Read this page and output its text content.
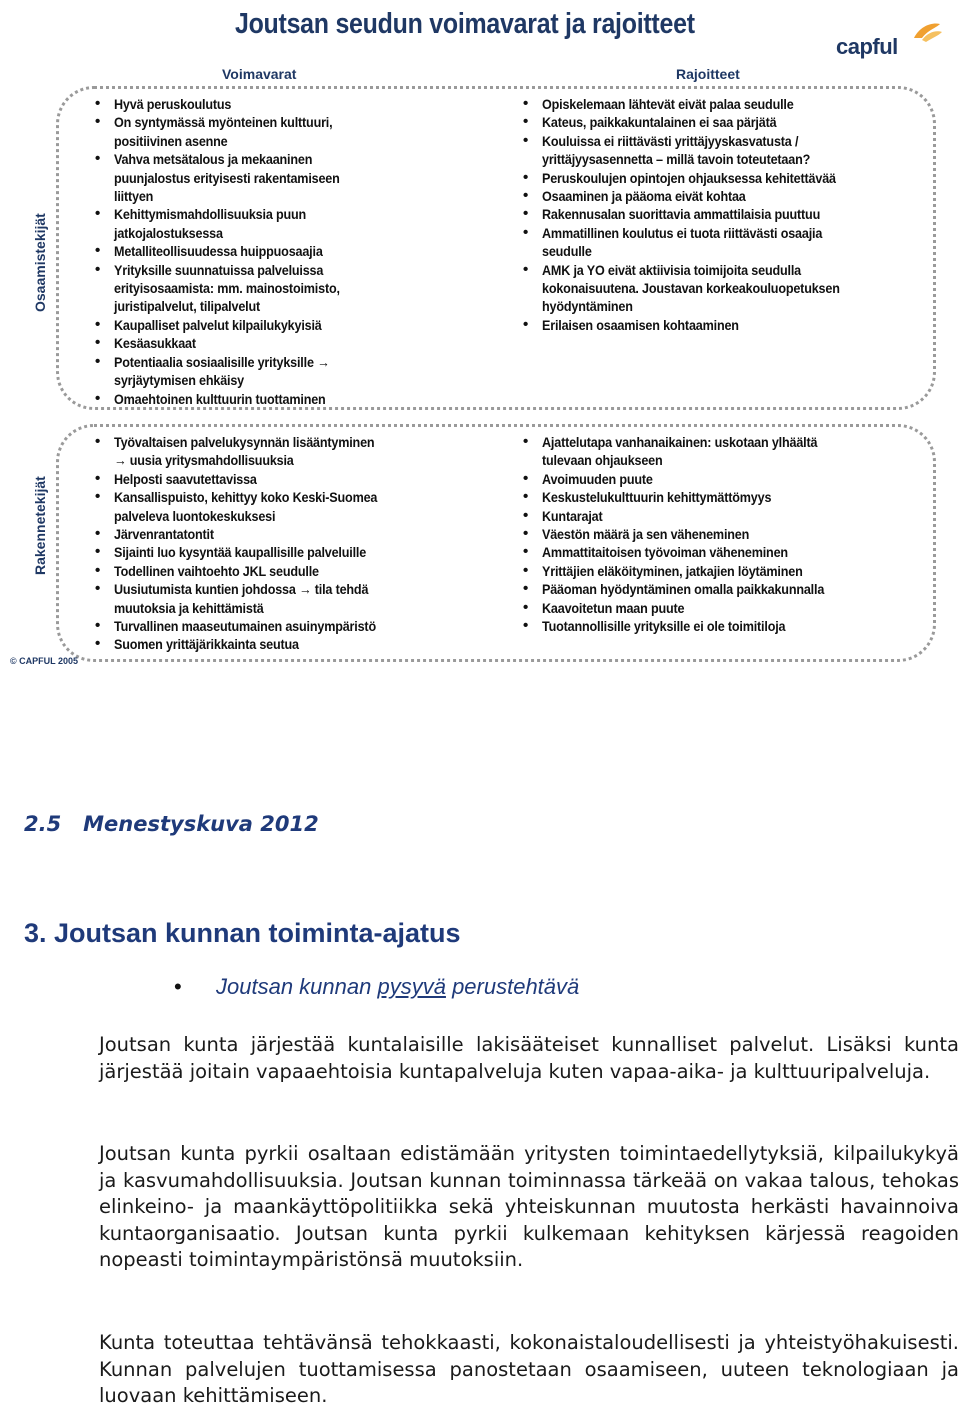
Joutsan seudun voimavarat ja rajoitteet
capful
Voimavarat	Rajoitteet
Osaamistekijät
Rakennetekijät
• Hyvä peruskoulutus
• On syntymässä myönteinen kulttuuri,
positiivinen asenne
• Vahva metsätalous ja mekaaninen
puunjalostus erityisesti rakentamiseen
liittyen
• Kehittymismahdollisuuksia puun
jatkojalostuksessa
• Metalliteollisuudessa huippuosaajia
• Yrityksille suunnatuissa palveluissa
erityisosaamista: mm. mainostoimisto,
juristipalvelut, tilipalvelut
• Kaupalliset palvelut kilpailukykyisiä
• Kesäasukkaat
• Potentiaalia sosiaalisille yrityksille →
syrjäytymisen ehkäisy
• Omaehtoinen kulttuurin tuottaminen
• Opiskelemaan lähtevät eivät palaa seudulle
• Kateus, paikkakuntalainen ei saa pärjätä
• Kouluissa ei riittävästi yrittäjyyskasvatusta /
yrittäjyysasennetta – millä tavoin toteutetaan?
• Peruskoulujen opintojen ohjauksessa kehitettävää
• Osaaminen ja pääoma eivät kohtaa
• Rakennusalan suorittavia ammattilaisia puuttuu
• Ammatillinen koulutus ei tuota riittävästi osaajia
seudulle
• AMK ja YO eivät aktiivisia toimijoita seudulla
kokonaisuutena. Joustavan korkeakouluopetuksen
hyödyntäminen
• Erilaisen osaamisen kohtaaminen
• Työvaltaisen palvelukysynnän lisääntyminen
→ uusia yritysmahdollisuuksia
• Helposti saavutettavissa
• Kansallispuisto, kehittyy koko Keski-Suomea
palveleva luontokeskuksesi
• Järvenrantatontit
• Sijainti luo kysyntää kaupallisille palveluille
• Todellinen vaihtoehto JKL seudulle
• Uusiutumista kuntien johdossa → tila tehdä
muutoksia ja kehittämistä
• Turvallinen maaseutumainen asuinympäristö
• Suomen yrittäjärikkainta seutua
• Ajattelutapa vanhanaikainen: uskotaan ylhäältä
tulevaan ohjaukseen
• Avoimuuden puute
• Keskustelukulttuurin kehittymättömyys
• Kuntarajat
• Väestön määrä ja sen väheneminen
• Ammattitaitoisen työvoiman väheneminen
• Yrittäjien eläköityminen, jatkajien löytäminen
• Pääoman hyödyntäminen omalla paikkakunnalla
• Kaavoitetun maan puute
• Tuotannollisille yrityksille ei ole toimitiloja
© CAPFUL 2005
2.5   Menestyskuva 2012
3. Joutsan kunnan toiminta-ajatus
• Joutsan kunnan pysyvä perustehtävä
Joutsan kunta järjestää kuntalaisille lakisääteiset kunnalliset palvelut. Lisäksi kunta järjestää joitain vapaaehtoisia kuntapalveluja kuten vapaa-aika- ja kulttuuripalveluja.
Joutsan kunta pyrkii osaltaan edistämään yritysten toimintaedellytyksiä, kilpailukykyä ja kasvumahdollisuuksia. Joutsan kunnan toiminnassa tärkeää on vakaa talous, tehokas elinkeino- ja maankäyttöpolitiikka sekä yhteiskunnan muutosta herkästi havainnoiva kuntaorganisaatio. Joutsan kunta pyrkii kulkemaan kehityksen kärjessä reagoiden nopeasti toimintaympäristönsä muutoksiin.
Kunta toteuttaa tehtävänsä tehokkaasti, kokonaistaloudellisesti ja yhteistyöhakuisesti. Kunnan palvelujen tuottamisessa panostetaan osaamiseen, uuteen teknologiaan ja luovaan kehittämiseen.
